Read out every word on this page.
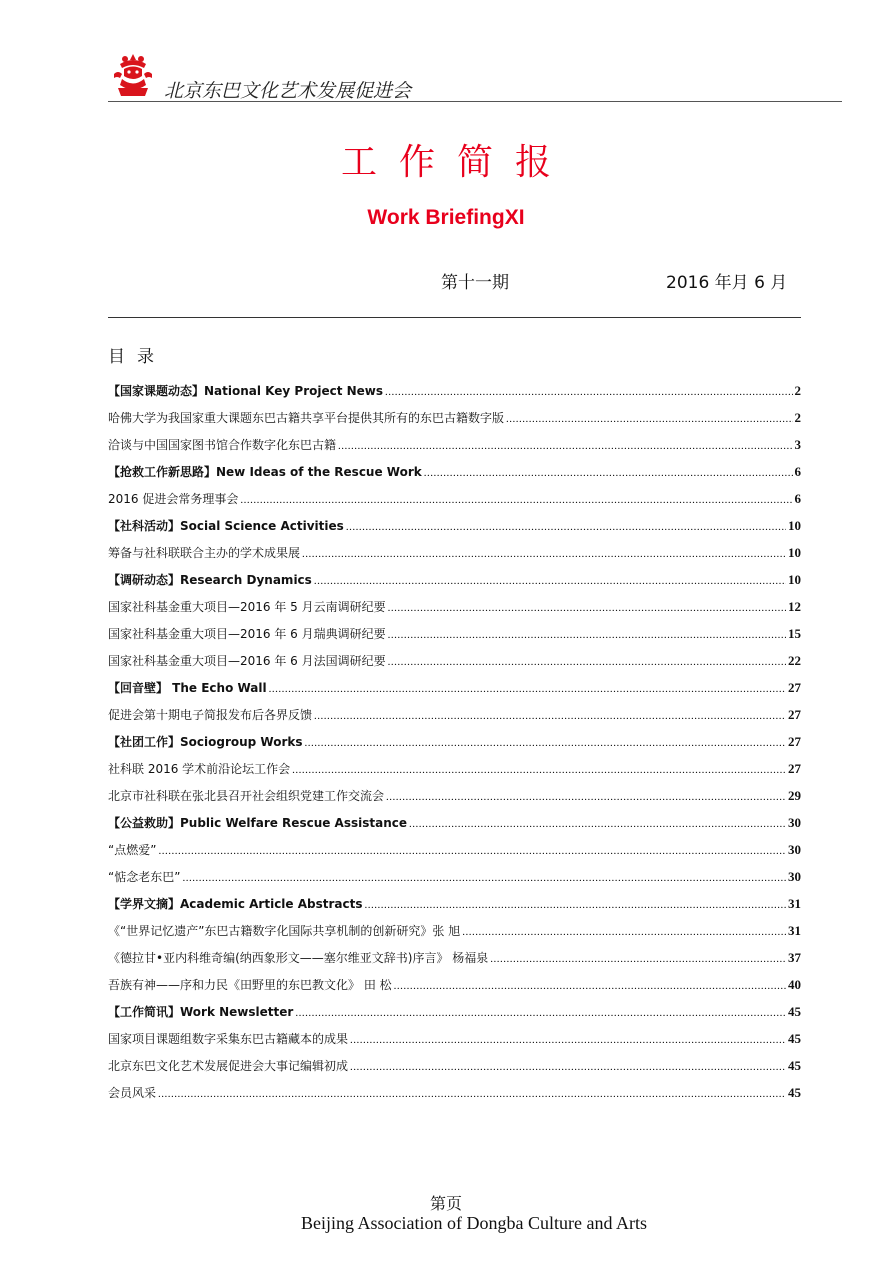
北京东巴文化艺术发展促进会
工作简报
Work BriefingXI
第十一期	2016 年月 6 月
目录
【国家课题动态】National Key Project News .....	2
哈佛大学为我国家重大课题东巴古籍共享平台提供其所有的东巴古籍数字版 .....	2
洽谈与中国国家图书馆合作数字化东巴古籍 .....	3
【抢救工作新思路】New Ideas of the Rescue Work .....	6
2016 促进会常务理事会 .....	6
【社科活动】Social Science Activities .....	10
筹备与社科联联合主办的学术成果展 .....	10
【调研动态】Research Dynamics .....	10
国家社科基金重大项目—2016 年 5 月云南调研纪要 .....	12
国家社科基金重大项目—2016 年 6 月瑞典调研纪要 .....	15
国家社科基金重大项目—2016 年 6 月法国调研纪要 .....	22
【回音壁】 The Echo Wall .....	27
促进会第十期电子简报发布后各界反馈 .....	27
【社团工作】Sociogroup Works .....	27
社科联 2016 学术前沿论坛工作会 .....	27
北京市社科联在张北县召开社会组织党建工作交流会 .....	29
【公益救助】Public Welfare Rescue Assistance .....	30
“点燃爱” .....	30
“惦念老东巴” .....	30
【学界文摘】Academic Article Abstracts .....	31
《“世界记忆遗产”东巴古籍数字化国际共享机制的创新研究》张 旭 .....	31
《德拉甘•亚内科维奇编(纳西象形文——塞尔维亚文辞书)序言》 杨福泉 .....	37
吾族有神——序和力民《田野里的东巴教文化》 田 松 .....	40
【工作简讯】Work Newsletter .....	45
国家项目课题组数字采集东巴古籍藏本的成果 .....	45
北京东巴文化艺术发展促进会大事记编辑初成 .....	45
会员风采 .....	45
第页
Beijing Association of Dongba Culture and Arts
